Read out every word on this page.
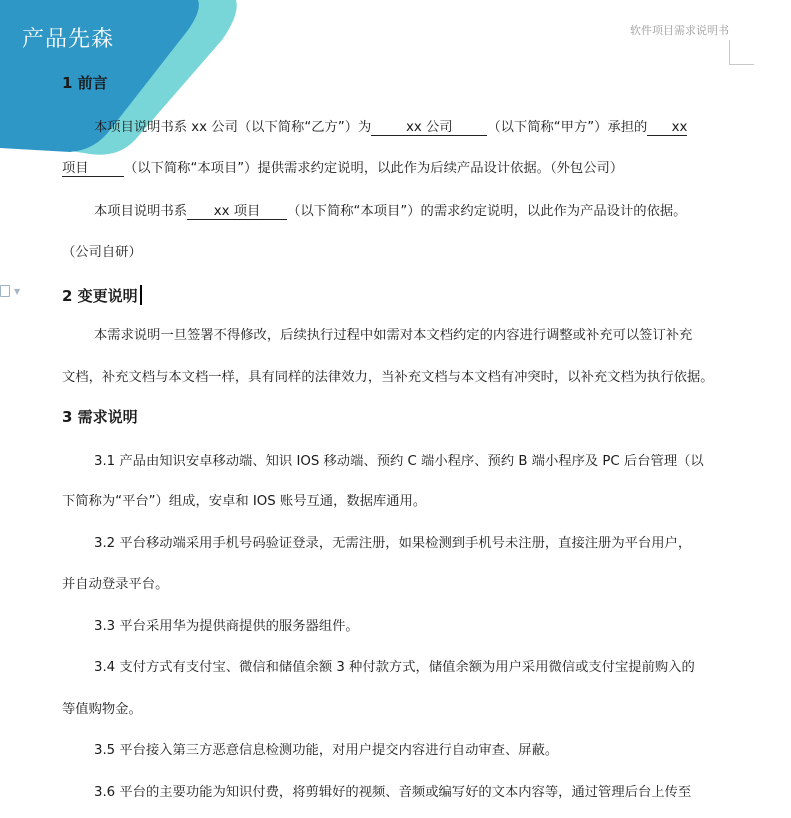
产品先森	软件项目需求说明书
▼
1 前言
本项目说明书系 xx 公司（以下简称“乙方”）为	xx 公司	（以下简称“甲方”）承担的 xx
项目	（以下简称“本项目”）提供需求约定说明，以此作为后续产品设计依据。（外包公司）
本项目说明书系 xx 项目 （以下简称“本项目”）的需求约定说明，以此作为产品设计的依据。
（公司自研）
2 变更说明
本需求说明一旦签署不得修改，后续执行过程中如需对本文档约定的内容进行调整或补充可以签订补充
文档，补充文档与本文档一样，具有同样的法律效力，当补充文档与本文档有冲突时，以补充文档为执行依据。
3 需求说明
3.1 产品由知识安卓移动端、知识 IOS 移动端、预约 C 端小程序、预约 B 端小程序及 PC 后台管理（以
下简称为“平台”）组成，安卓和 IOS 账号互通，数据库通用。
3.2 平台移动端采用手机号码验证登录，无需注册，如果检测到手机号未注册，直接注册为平台用户，
并自动登录平台。
3.3 平台采用华为提供商提供的服务器组件。
3.4 支付方式有支付宝、微信和储值余额 3 种付款方式，储值余额为用户采用微信或支付宝提前购入的
等值购物金。
3.5 平台接入第三方恶意信息检测功能，对用户提交内容进行自动审查、屏蔽。
3.6 平台的主要功能为知识付费，将剪辑好的视频、音频或编写好的文本内容等，通过管理后台上传至
